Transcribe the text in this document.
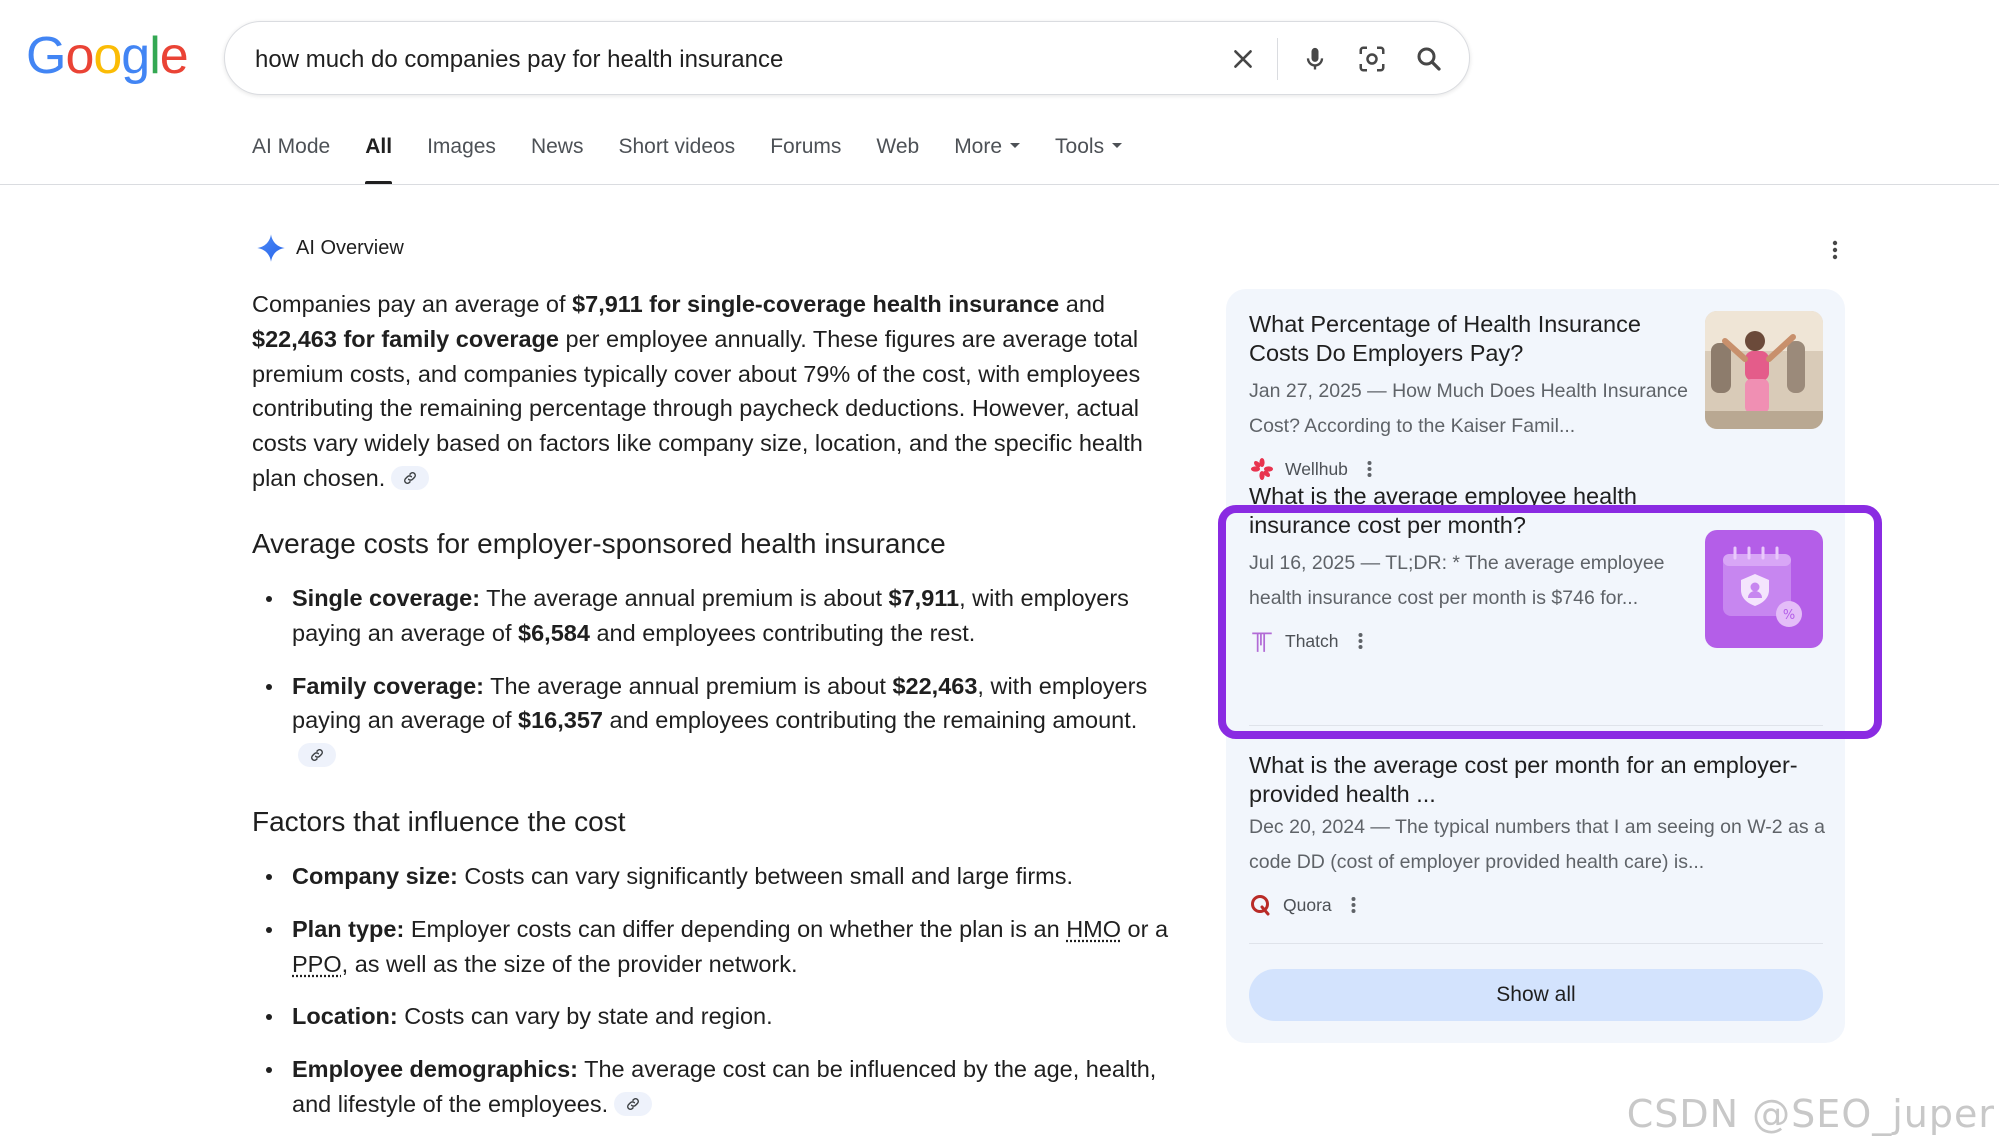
Google
how much do companies pay for health insurance
AI Mode All Images News Short videos Forums Web More	Tools
AI Overview
Companies pay an average of $7,911 for single-coverage health insurance and $22,463 for family coverage per employee annually. These figures are average total premium costs, and companies typically cover about 79% of the cost, with employees contributing the remaining percentage through paycheck deductions. However, actual costs vary widely based on factors like company size, location, and the specific health plan chosen.
Average costs for employer-sponsored health insurance
Single coverage: The average annual premium is about $7,911, with employers paying an average of $6,584 and employees contributing the rest.
Family coverage: The average annual premium is about $22,463, with employers paying an average of $16,357 and employees contributing the remaining amount.
Factors that influence the cost
Company size: Costs can vary significantly between small and large firms.
Plan type: Employer costs can differ depending on whether the plan is an HMO or a PPO, as well as the size of the provider network.
Location: Costs can vary by state and region.
Employee demographics: The average cost can be influenced by the age, health, and lifestyle of the employees.
What Percentage of Health Insurance Costs Do Employers Pay?
Jan 27, 2025 — How Much Does Health Insurance Cost? According to the Kaiser Famil...
Wellhub
What is the average employee health insurance cost per month?
Jul 16, 2025 — TL;DR: * The average employee health insurance cost per month is $746 for...
Thatch
%
What is the average cost per month for an employer-provided health ...
Dec 20, 2024 — The typical numbers that I am seeing on W-2 as a code DD (cost of employer provided health care) is...
Quora
Show all
CSDN @SEO_juper
